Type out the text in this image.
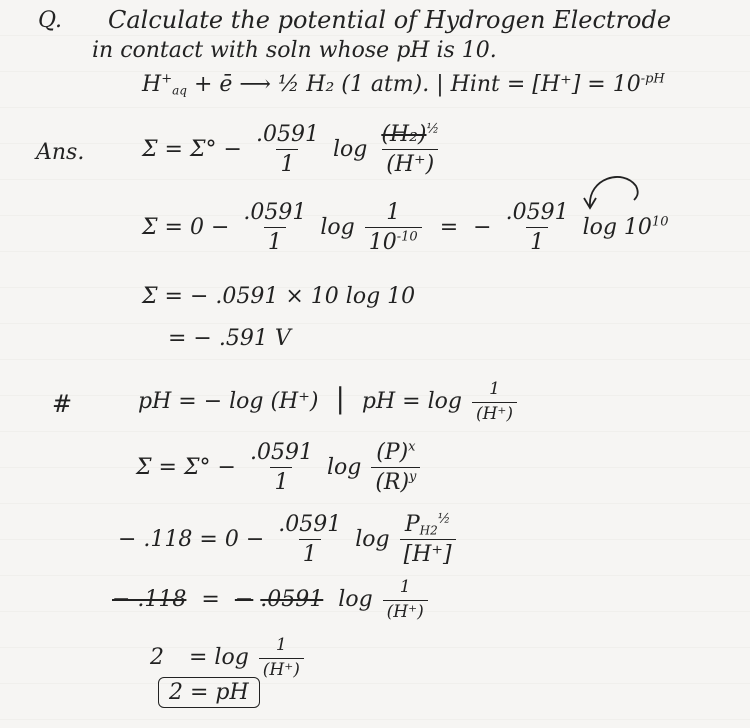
Q. Calculate the potential of Hydrogen Electrode
in contact with soln whose pH is 10.
H+aq + ē ⟶ ½ H₂ (1 atm). | Hint = $[H^+] = 10^{-pH}$
Ans.	$\Sigma = \Sigma^\circ - \frac{.0591}{1}$ $\log \frac{(H_2)^{\frac{1}{2}}}{(H^+)}$
$\Sigma = 0 - \frac{.0591}{1}$ $\log \frac{1}{10^{-10}}$ = − $\frac{.0591}{1}$ $\log 10^{10}$
Σ = − .0591 × 10 log 10
= − .591 V
#	pH = − log (H⁺) | pH = $\log \frac{1}{(H^+)}$
$\Sigma = \Sigma^\circ - \frac{.0591}{1}$ $\log \frac{(P)^x}{(R)^y}$
− $.118 = 0 - \frac{.0591}{1}$ $\log \frac{PH2^{\frac{1}{2}}}{[H^+]}$
− .118 = − .0591 $\log \frac{1}{(H^+)}$
$2 = \log \frac{1}{(H^+)}$
2 = pH
